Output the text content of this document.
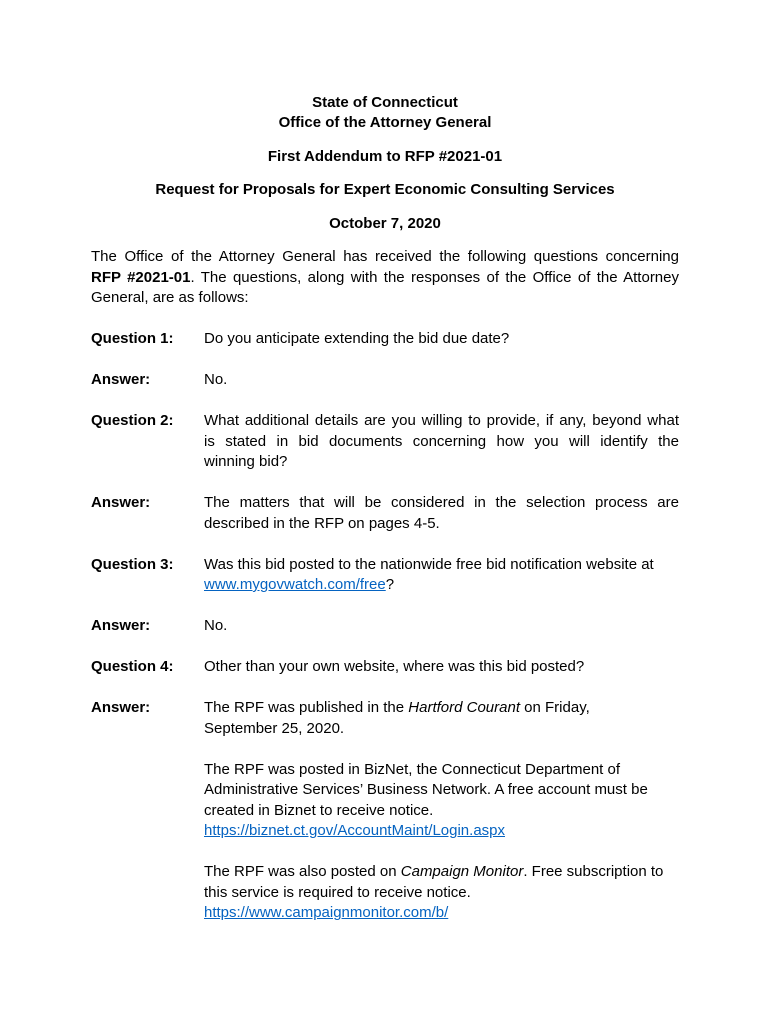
State of Connecticut
Office of the Attorney General
First Addendum to RFP #2021-01
Request for Proposals for Expert Economic Consulting Services
October 7, 2020
The Office of the Attorney General has received the following questions concerning
RFP #2021-01. The questions, along with the responses of the Office of the Attorney
General, are as follows:
Question 1:	Do you anticipate extending the bid due date?
Answer:	No.
Question 2:	What additional details are you willing to provide, if any, beyond what
is stated in bid documents concerning how you will identify the
winning bid?
Answer:	The matters that will be considered in the selection process are
described in the RFP on pages 4-5.
Question 3:	Was this bid posted to the nationwide free bid notification website at
www.mygovwatch.com/free?
Answer:	No.
Question 4:	Other than your own website, where was this bid posted?
Answer:	The RPF was published in the Hartford Courant on Friday,
September 25, 2020.
The RPF was posted in BizNet, the Connecticut Department of
Administrative Services’ Business Network. A free account must be
created in Biznet to receive notice.
https://biznet.ct.gov/AccountMaint/Login.aspx
The RPF was also posted on Campaign Monitor. Free subscription to
this service is required to receive notice.
https://www.campaignmonitor.com/b/
